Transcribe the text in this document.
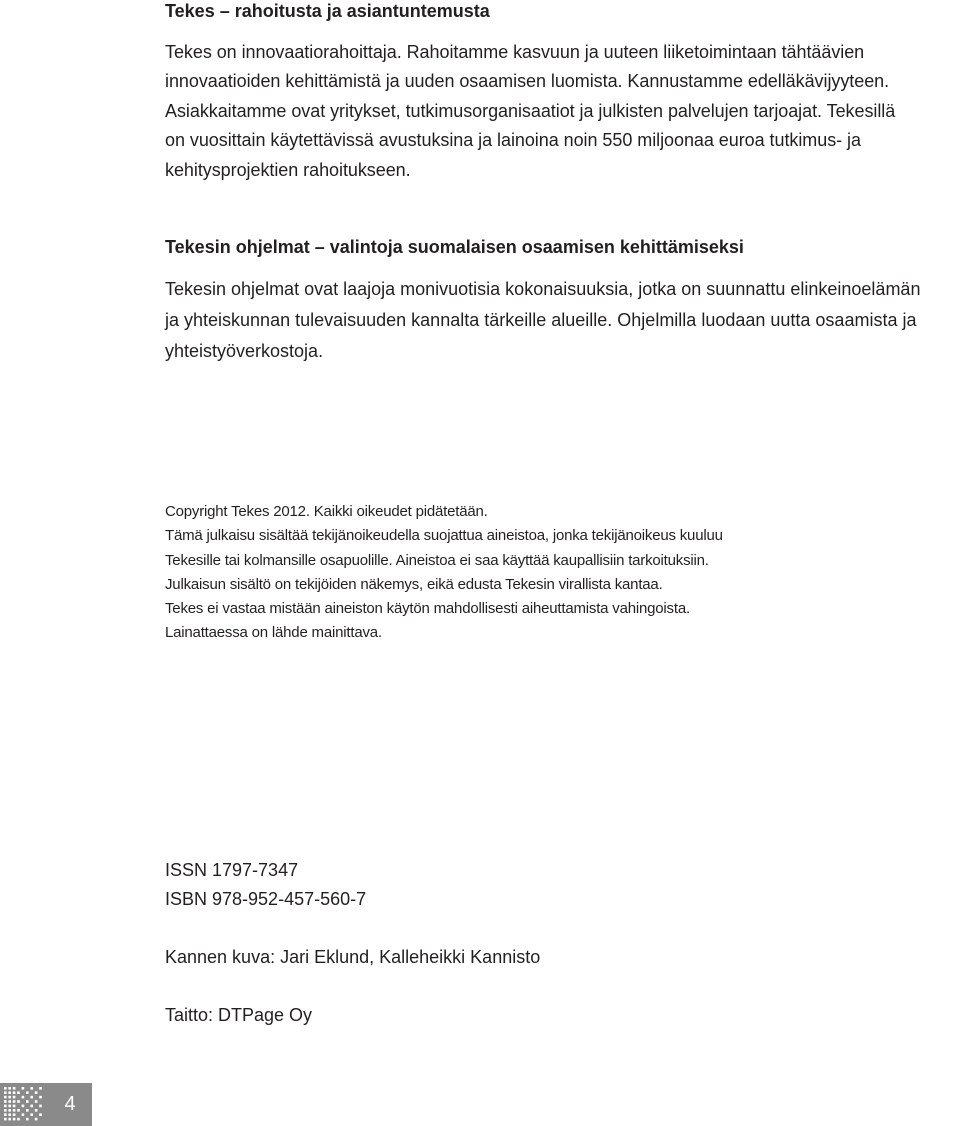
Tekes – rahoitusta ja asiantuntemusta

Tekes on innovaatiorahoittaja. Rahoitamme kasvuun ja uuteen liiketoimintaan tähtäävien
innovaatioiden kehittämistä ja uuden osaamisen luomista. Kannustamme edelläkävijyyteen.
Asiakkaitamme ovat yritykset, tutkimusorganisaatiot ja julkisten palvelujen tarjoajat. Tekesillä
on vuosittain käytettävissä avustuksina ja lainoina noin 550 miljoonaa euroa tutkimus- ja
kehitysprojektien rahoitukseen.

Tekesin ohjelmat – valintoja suomalaisen osaamisen kehittämiseksi

Tekesin ohjelmat ovat laajoja monivuotisia kokonaisuuksia, jotka on suunnattu elinkeinoelämän
ja yhteiskunnan tulevaisuuden kannalta tärkeille alueille. Ohjelmilla luodaan uutta osaamista ja
yhteistyöverkostoja.

Copyright Tekes 2012. Kaikki oikeudet pidätetään.
Tämä julkaisu sisältää tekijänoikeudella suojattua aineistoa, jonka tekijänoikeus kuuluu
Tekesille tai kolmansille osapuolille. Aineistoa ei saa käyttää kaupallisiin tarkoituksiin.
Julkaisun sisältö on tekijöiden näkemys, eikä edusta Tekesin virallista kantaa.
Tekes ei vastaa mistään aineiston käytön mahdollisesti aiheuttamista vahingoista.
Lainattaessa on lähde mainittava.
ISSN 1797-7347
ISBN 978-952-457-560-7
Kannen kuva: Jari Eklund, Kalleheikki Kannisto
Taitto: DTPage Oy
4
